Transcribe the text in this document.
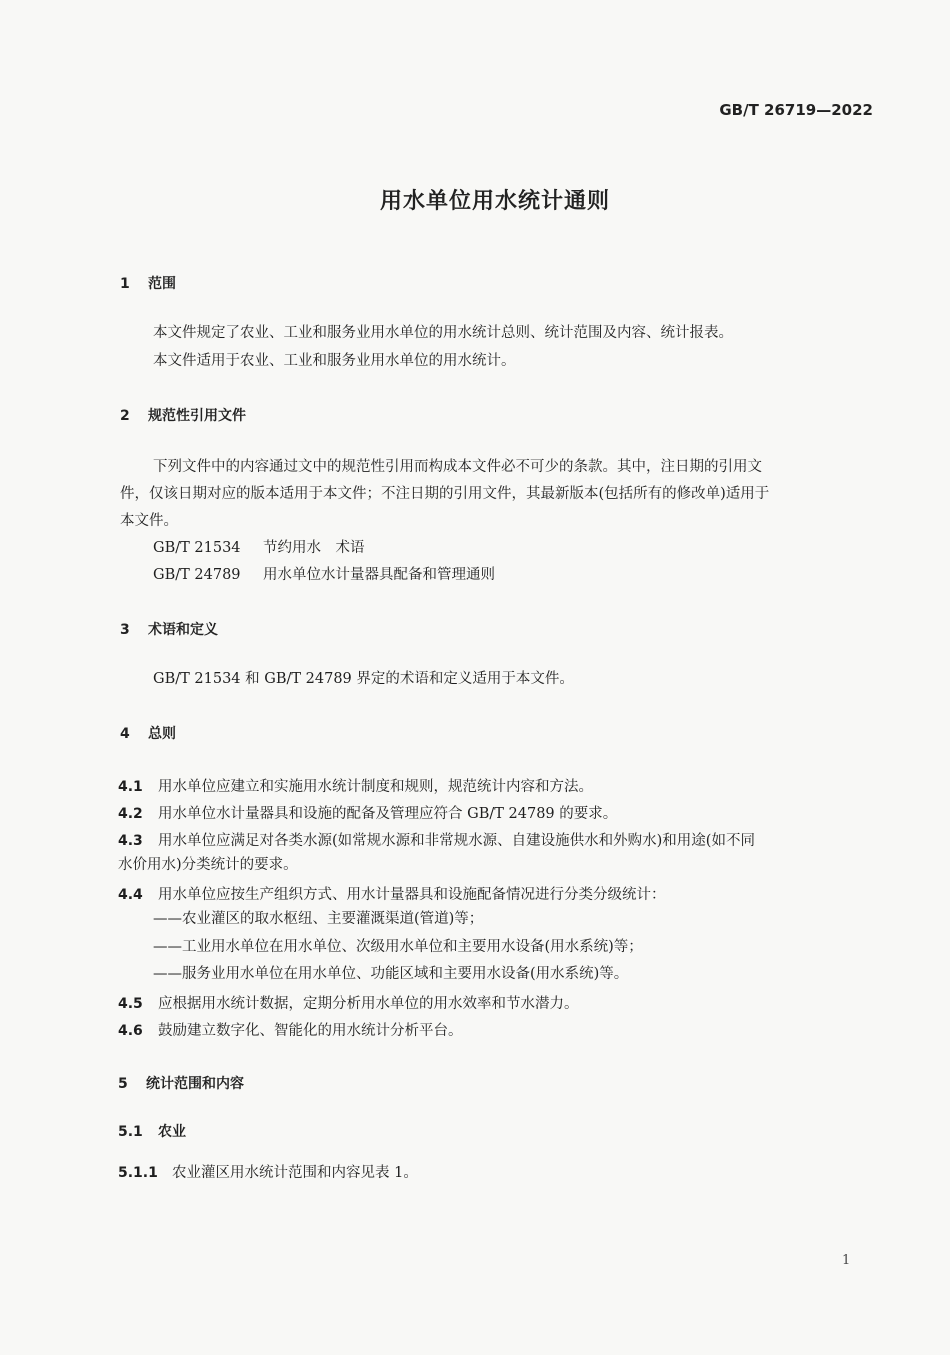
GB/T 26719—2022
用水单位用水统计通则
1 范围
本文件规定了农业、工业和服务业用水单位的用水统计总则、统计范围及内容、统计报表。
本文件适用于农业、工业和服务业用水单位的用水统计。
2 规范性引用文件
下列文件中的内容通过文中的规范性引用而构成本文件必不可少的条款。其中，注日期的引用文
件，仅该日期对应的版本适用于本文件；不注日期的引用文件，其最新版本(包括所有的修改单)适用于
本文件。
GB/T 21534 节约用水　术语
GB/T 24789 用水单位水计量器具配备和管理通则
3 术语和定义
GB/T 21534 和 GB/T 24789 界定的术语和定义适用于本文件。
4 总则
4.1 用水单位应建立和实施用水统计制度和规则，规范统计内容和方法。
4.2 用水单位水计量器具和设施的配备及管理应符合 GB/T 24789 的要求。
4.3 用水单位应满足对各类水源(如常规水源和非常规水源、自建设施供水和外购水)和用途(如不同
水价用水)分类统计的要求。
4.4 用水单位应按生产组织方式、用水计量器具和设施配备情况进行分类分级统计：
——农业灌区的取水枢纽、主要灌溉渠道(管道)等；
——工业用水单位在用水单位、次级用水单位和主要用水设备(用水系统)等；
——服务业用水单位在用水单位、功能区域和主要用水设备(用水系统)等。
4.5 应根据用水统计数据，定期分析用水单位的用水效率和节水潜力。
4.6 鼓励建立数字化、智能化的用水统计分析平台。
5 统计范围和内容
5.1 农业
5.1.1 农业灌区用水统计范围和内容见表 1。
1
